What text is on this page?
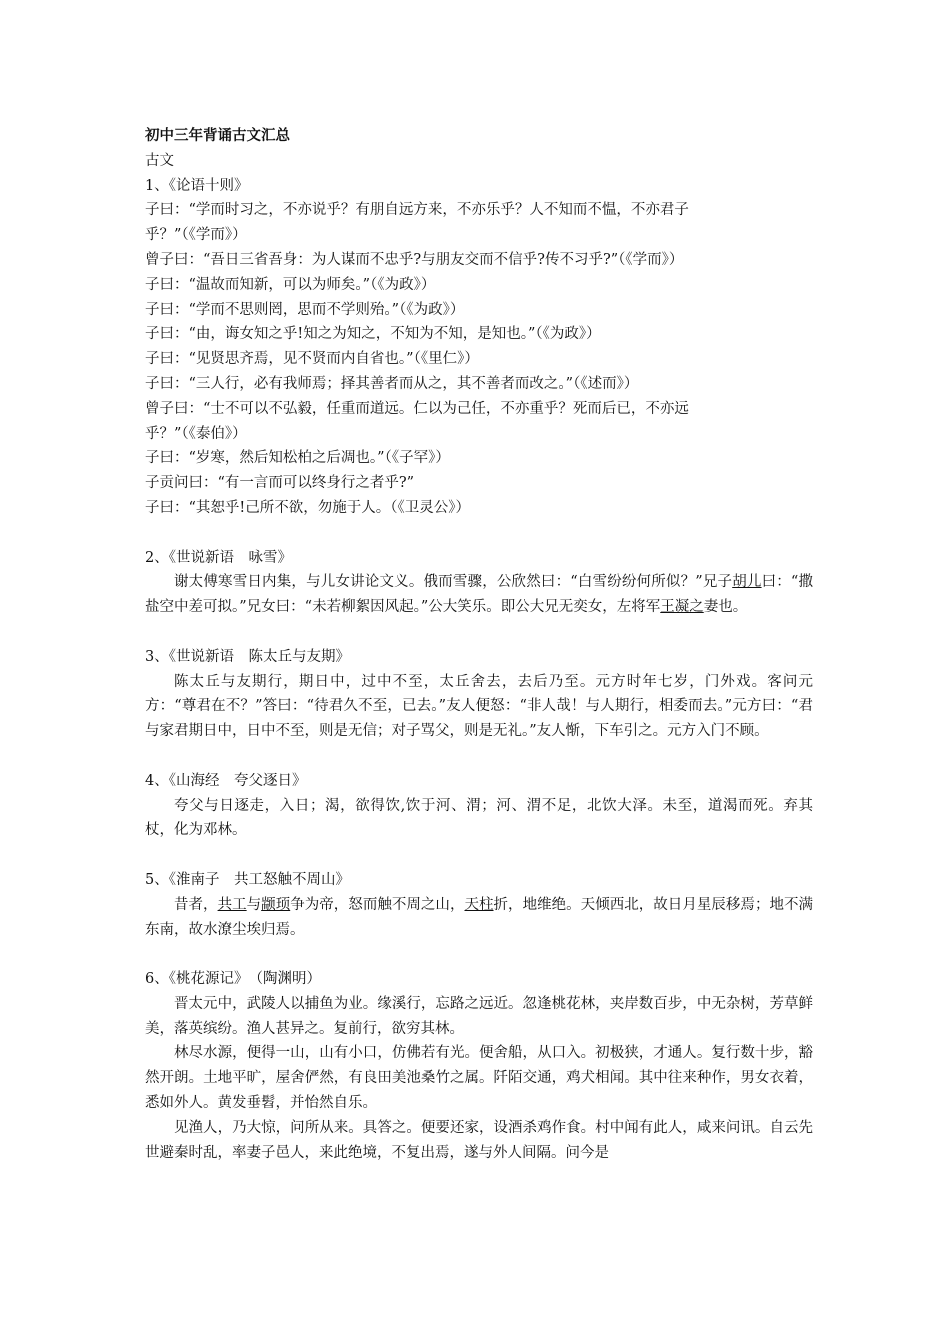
初中三年背诵古文汇总
古文
1、《论语十则》
子曰：“学而时习之，不亦说乎？有朋自远方来，不亦乐乎？人不知而不愠，不亦君子
乎？”（《学而》）
曾子曰：“吾日三省吾身：为人谋而不忠乎?与朋友交而不信乎?传不习乎?”（《学而》）
子曰：“温故而知新，可以为师矣。”（《为政》）
子曰：“学而不思则罔，思而不学则殆。”（《为政》）
子曰：“由，诲女知之乎!知之为知之，不知为不知，是知也。”（《为政》）
子曰：“见贤思齐焉，见不贤而内自省也。”（《里仁》）
子曰：“三人行，必有我师焉；择其善者而从之，其不善者而改之。”（《述而》）
曾子曰：“士不可以不弘毅，任重而道远。仁以为己任，不亦重乎？死而后已，不亦远
乎？”（《泰伯》）
子曰：“岁寒，然后知松柏之后凋也。”（《子罕》）
子贡问曰：“有一言而可以终身行之者乎?”
子曰：“其恕乎!己所不欲，勿施于人。（《卫灵公》）
2、《世说新语　咏雪》
谢太傅寒雪日内集，与儿女讲论文义。俄而雪骤，公欣然曰：“白雪纷纷何所似？”兄子胡儿曰：“撒盐空中差可拟。”兄女曰：“未若柳絮因风起。”公大笑乐。即公大兄无奕女，左将军王凝之妻也。
3、《世说新语　陈太丘与友期》
陈太丘与友期行，期日中，过中不至，太丘舍去，去后乃至。元方时年七岁，门外戏。客问元方：“尊君在不？”答曰：“待君久不至，已去。”友人便怒：“非人哉！与人期行，相委而去。”元方曰：“君与家君期日中，日中不至，则是无信；对子骂父，则是无礼。”友人惭，下车引之。元方入门不顾。
4、《山海经　夸父逐日》
夸父与日逐走，入日；渴，欲得饮,饮于河、渭；河、渭不足，北饮大泽。未至，道渴而死。弃其杖，化为邓林。
5、《淮南子　共工怒触不周山》
昔者，共工与颛顼争为帝，怒而触不周之山，天柱折，地维绝。天倾西北，故日月星辰移焉；地不满东南，故水潦尘埃归焉。
6、《桃花源记》　（陶渊明）
晋太元中，武陵人以捕鱼为业。缘溪行，忘路之远近。忽逢桃花林，夹岸数百步，中无杂树，芳草鲜美，落英缤纷。渔人甚异之。复前行，欲穷其林。
林尽水源，便得一山，山有小口，仿佛若有光。便舍船，从口入。初极狭，才通人。复行数十步，豁然开朗。土地平旷，屋舍俨然，有良田美池桑竹之属。阡陌交通，鸡犬相闻。其中往来种作，男女衣着，悉如外人。黄发垂髫，并怡然自乐。
见渔人，乃大惊，问所从来。具答之。便要还家，设酒杀鸡作食。村中闻有此人，咸来问讯。自云先世避秦时乱，率妻子邑人，来此绝境，不复出焉，遂与外人间隔。问今是
